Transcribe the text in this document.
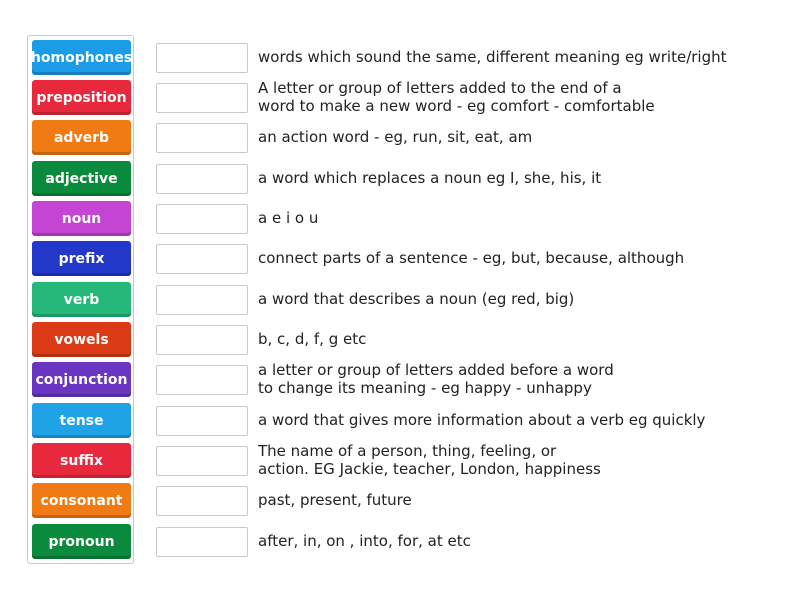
homophones
preposition
adverb
adjective
noun
prefix
verb
vowels
conjunction
tense
suffix
consonant
pronoun
words which sound the same, different meaning eg write/right
A letter or group of letters added to the end of a
word to make a new word - eg comfort - comfortable
an action word - eg, run, sit, eat, am
a word which replaces a noun eg I, she, his, it
a e i o u
connect parts of a sentence - eg, but, because, although
a word that describes a noun (eg red, big)
b, c, d, f, g etc
a letter or group of letters added before a word
to change its meaning - eg happy - unhappy
a word that gives more information about a verb eg quickly
The name of a person, thing, feeling, or
action. EG Jackie, teacher, London, happiness
past, present, future
after, in, on , into, for, at etc
